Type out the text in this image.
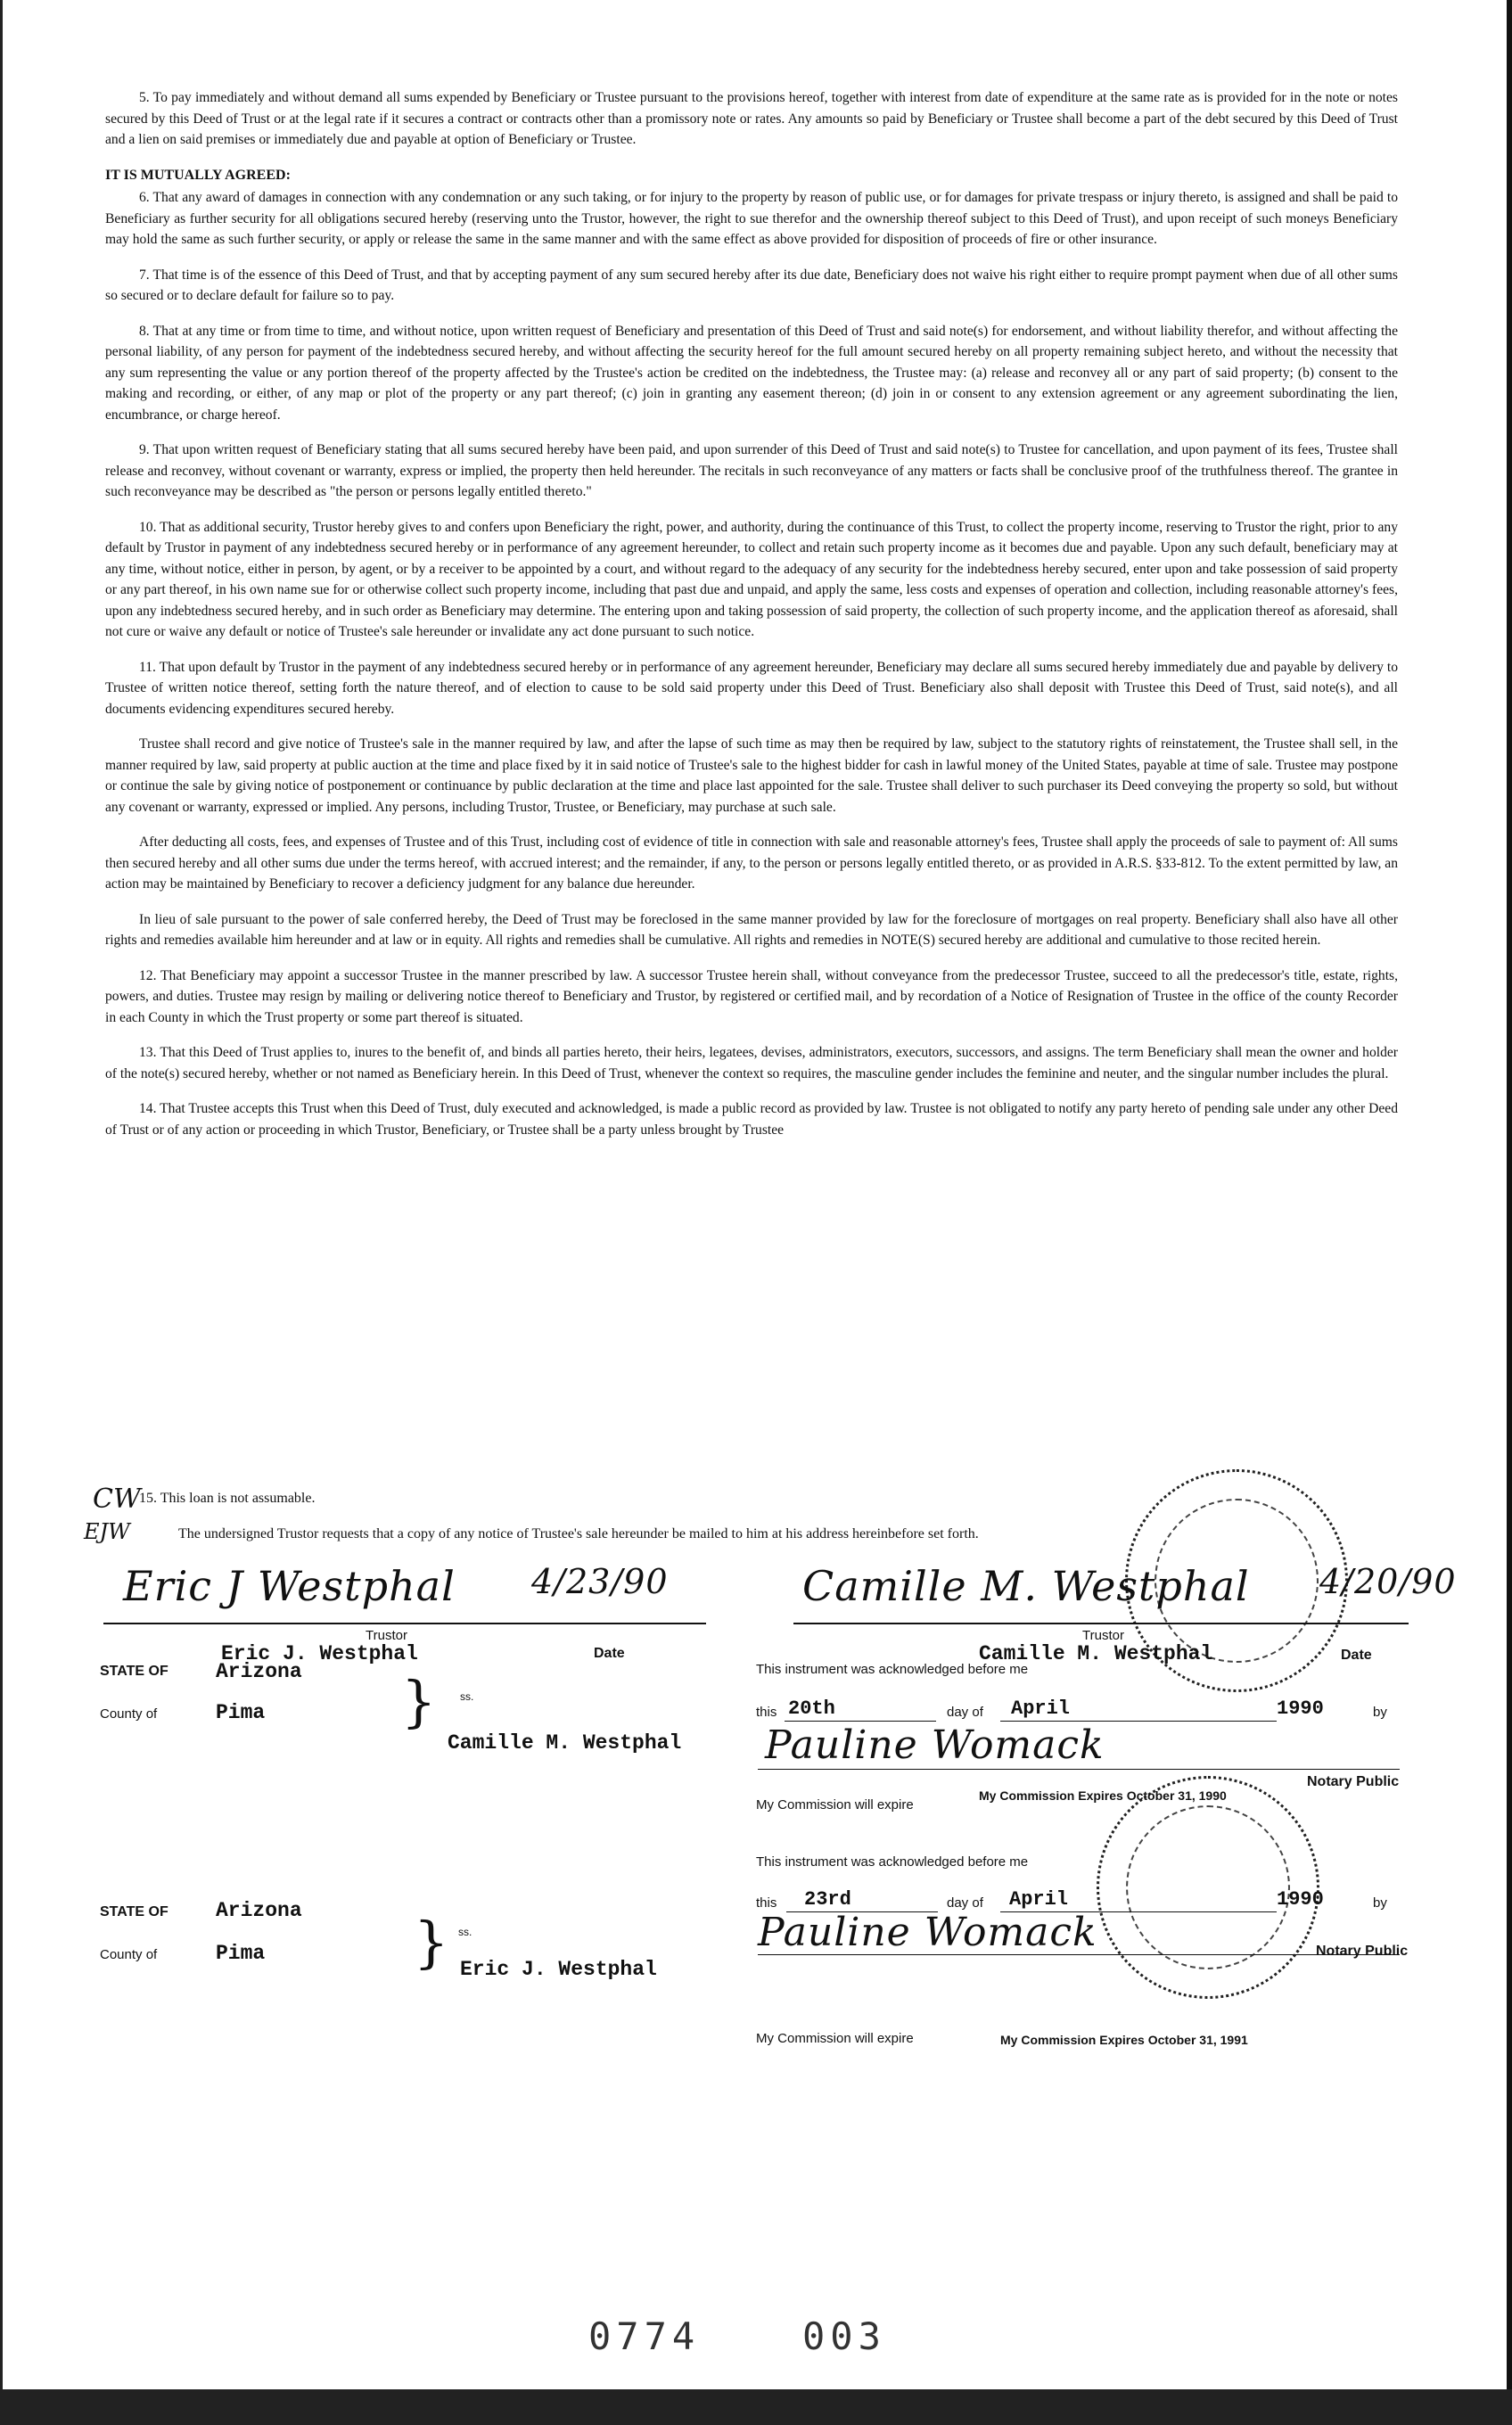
5. To pay immediately and without demand all sums expended by Beneficiary or Trustee pursuant to the provisions hereof, together with interest from date of expenditure at the same rate as is provided for in the note or notes secured by this Deed of Trust or at the legal rate if it secures a contract or contracts other than a promissory note or rates. Any amounts so paid by Beneficiary or Trustee shall become a part of the debt secured by this Deed of Trust and a lien on said premises or immediately due and payable at option of Beneficiary or Trustee.

IT IS MUTUALLY AGREED:

6. That any award of damages in connection with any condemnation or any such taking, or for injury to the property by reason of public use, or for damages for private trespass or injury thereto, is assigned and shall be paid to Beneficiary as further security for all obligations secured hereby (reserving unto the Trustor, however, the right to sue therefor and the ownership thereof subject to this Deed of Trust), and upon receipt of such moneys Beneficiary may hold the same as such further security, or apply or release the same in the same manner and with the same effect as above provided for disposition of proceeds of fire or other insurance.

7. That time is of the essence of this Deed of Trust, and that by accepting payment of any sum secured hereby after its due date, Beneficiary does not waive his right either to require prompt payment when due of all other sums so secured or to declare default for failure so to pay.

8. That at any time or from time to time, and without notice, upon written request of Beneficiary and presentation of this Deed of Trust and said note(s) for endorsement, and without liability therefor, and without affecting the personal liability, of any person for payment of the indebtedness secured hereby, and without affecting the security hereof for the full amount secured hereby on all property remaining subject hereto, and without the necessity that any sum representing the value or any portion thereof of the property affected by the Trustee's action be credited on the indebtedness, the Trustee may: (a) release and reconvey all or any part of said property; (b) consent to the making and recording, or either, of any map or plot of the property or any part thereof; (c) join in granting any easement thereon; (d) join in or consent to any extension agreement or any agreement subordinating the lien, encumbrance, or charge hereof.

9. That upon written request of Beneficiary stating that all sums secured hereby have been paid, and upon surrender of this Deed of Trust and said note(s) to Trustee for cancellation, and upon payment of its fees, Trustee shall release and reconvey, without covenant or warranty, express or implied, the property then held hereunder. The recitals in such reconveyance of any matters or facts shall be conclusive proof of the truthfulness thereof. The grantee in such reconveyance may be described as "the person or persons legally entitled thereto."

10. That as additional security, Trustor hereby gives to and confers upon Beneficiary the right, power, and authority, during the continuance of this Trust, to collect the property income, reserving to Trustor the right, prior to any default by Trustor in payment of any indebtedness secured hereby or in performance of any agreement hereunder, to collect and retain such property income as it becomes due and payable. Upon any such default, beneficiary may at any time, without notice, either in person, by agent, or by a receiver to be appointed by a court, and without regard to the adequacy of any security for the indebtedness hereby secured, enter upon and take possession of said property or any part thereof, in his own name sue for or otherwise collect such property income, including that past due and unpaid, and apply the same, less costs and expenses of operation and collection, including reasonable attorney's fees, upon any indebtedness secured hereby, and in such order as Beneficiary may determine. The entering upon and taking possession of said property, the collection of such property income, and the application thereof as aforesaid, shall not cure or waive any default or notice of Trustee's sale hereunder or invalidate any act done pursuant to such notice.

11. That upon default by Trustor in the payment of any indebtedness secured hereby or in performance of any agreement hereunder, Beneficiary may declare all sums secured hereby immediately due and payable by delivery to Trustee of written notice thereof, setting forth the nature thereof, and of election to cause to be sold said property under this Deed of Trust. Beneficiary also shall deposit with Trustee this Deed of Trust, said note(s), and all documents evidencing expenditures secured hereby.

Trustee shall record and give notice of Trustee's sale in the manner required by law, and after the lapse of such time as may then be required by law, subject to the statutory rights of reinstatement, the Trustee shall sell, in the manner required by law, said property at public auction at the time and place fixed by it in said notice of Trustee's sale to the highest bidder for cash in lawful money of the United States, payable at time of sale. Trustee may postpone or continue the sale by giving notice of postponement or continuance by public declaration at the time and place last appointed for the sale. Trustee shall deliver to such purchaser its Deed conveying the property so sold, but without any covenant or warranty, expressed or implied. Any persons, including Trustor, Trustee, or Beneficiary, may purchase at such sale.

After deducting all costs, fees, and expenses of Trustee and of this Trust, including cost of evidence of title in connection with sale and reasonable attorney's fees, Trustee shall apply the proceeds of sale to payment of: All sums then secured hereby and all other sums due under the terms hereof, with accrued interest; and the remainder, if any, to the person or persons legally entitled thereto, or as provided in A.R.S. §33-812. To the extent permitted by law, an action may be maintained by Beneficiary to recover a deficiency judgment for any balance due hereunder.

In lieu of sale pursuant to the power of sale conferred hereby, the Deed of Trust may be foreclosed in the same manner provided by law for the foreclosure of mortgages on real property. Beneficiary shall also have all other rights and remedies available him hereunder and at law or in equity. All rights and remedies shall be cumulative. All rights and remedies in NOTE(S) secured hereby are additional and cumulative to those recited herein.

12. That Beneficiary may appoint a successor Trustee in the manner prescribed by law. A successor Trustee herein shall, without conveyance from the predecessor Trustee, succeed to all the predecessor's title, estate, rights, powers, and duties. Trustee may resign by mailing or delivering notice thereof to Beneficiary and Trustor, by registered or certified mail, and by recordation of a Notice of Resignation of Trustee in the office of the county Recorder in each County in which the Trust property or some part thereof is situated.

13. That this Deed of Trust applies to, inures to the benefit of, and binds all parties hereto, their heirs, legatees, devises, administrators, executors, successors, and assigns. The term Beneficiary shall mean the owner and holder of the note(s) secured hereby, whether or not named as Beneficiary herein. In this Deed of Trust, whenever the context so requires, the masculine gender includes the feminine and neuter, and the singular number includes the plural.

14. That Trustee accepts this Trust when this Deed of Trust, duly executed and acknowledged, is made a public record as provided by law. Trustee is not obligated to notify any party hereto of pending sale under any other Deed of Trust or of any action or proceeding in which Trustor, Beneficiary, or Trustee shall be a party unless brought by Trustee

CW
EJW
15. This loan is not assumable.
The undersigned Trustor requests that a copy of any notice of Trustee's sale hereunder be mailed to him at his address hereinbefore set forth.
Eric J Westphal 4/23/90
Trustor
Eric J. Westphal	Date
Camille M. Westphal 4/20/90
Trustor
Camille M. Westphal	Date
STATE OF Arizona
County of	Pima } ss.
Camille M. Westphal
This instrument was acknowledged before me
this 20th	day of April	1990	by
Pauline Womack
Notary Public
My Commission will expire
My Commission Expires October 31, 1990
This instrument was acknowledged before me
this 23rd	day of April	1990	by
Pauline Womack	Notary Public
STATE OF Arizona
County of	Pima	} ss.
Eric J. Westphal
My Commission will expire	My Commission Expires October 31, 1991
0774	003
